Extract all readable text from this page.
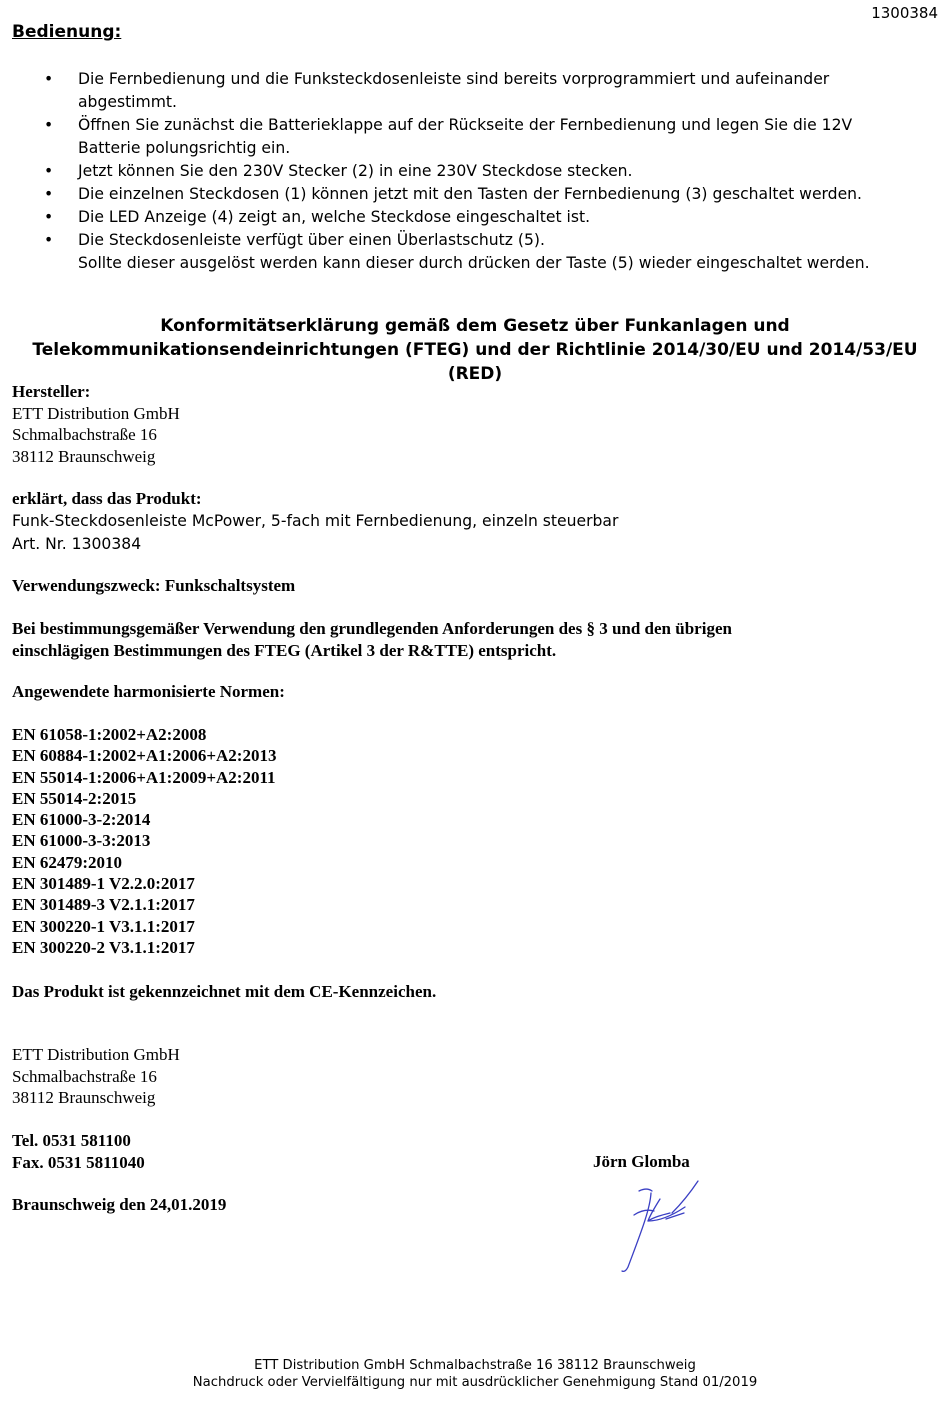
1300384
Bedienung:
• Die Fernbedienung und die Funksteckdosenleiste sind bereits vorprogrammiert und aufeinander
abgestimmt.
• Öffnen Sie zunächst die Batterieklappe auf der Rückseite der Fernbedienung und legen Sie die 12V
Batterie polungsrichtig ein.
• Jetzt können Sie den 230V Stecker (2) in eine 230V Steckdose stecken.
• Die einzelnen Steckdosen (1) können jetzt mit den Tasten der Fernbedienung (3) geschaltet werden.
• Die LED Anzeige (4) zeigt an, welche Steckdose eingeschaltet ist.
• Die Steckdosenleiste verfügt über einen Überlastschutz (5).
Sollte dieser ausgelöst werden kann dieser durch drücken der Taste (5) wieder eingeschaltet werden.
Konformitätserklärung gemäß dem Gesetz über Funkanlagen und
Telekommunikationsendeinrichtungen (FTEG) und der Richtlinie 2014/30/EU und 2014/53/EU
(RED)
Hersteller:
ETT Distribution GmbH
Schmalbachstraße 16
38112 Braunschweig
erklärt, dass das Produkt:
Funk-Steckdosenleiste McPower, 5-fach mit Fernbedienung, einzeln steuerbar
Art. Nr. 1300384
Verwendungszweck: Funkschaltsystem
Bei bestimmungsgemäßer Verwendung den grundlegenden Anforderungen des § 3 und den übrigen
einschlägigen Bestimmungen des FTEG (Artikel 3 der R&TTE) entspricht.
Angewendete harmonisierte Normen:
EN 61058-1:2002+A2:2008
EN 60884-1:2002+A1:2006+A2:2013
EN 55014-1:2006+A1:2009+A2:2011
EN 55014-2:2015
EN 61000-3-2:2014
EN 61000-3-3:2013
EN 62479:2010
EN 301489-1 V2.2.0:2017
EN 301489-3 V2.1.1:2017
EN 300220-1 V3.1.1:2017
EN 300220-2 V3.1.1:2017
Das Produkt ist gekennzeichnet mit dem CE-Kennzeichen.
ETT Distribution GmbH
Schmalbachstraße 16
38112 Braunschweig
Tel. 0531 581100
Fax. 0531 5811040
Braunschweig den 24,01.2019
Jörn Glomba
ETT Distribution GmbH Schmalbachstraße 16 38112 Braunschweig
Nachdruck oder Vervielfältigung nur mit ausdrücklicher Genehmigung Stand 01/2019
